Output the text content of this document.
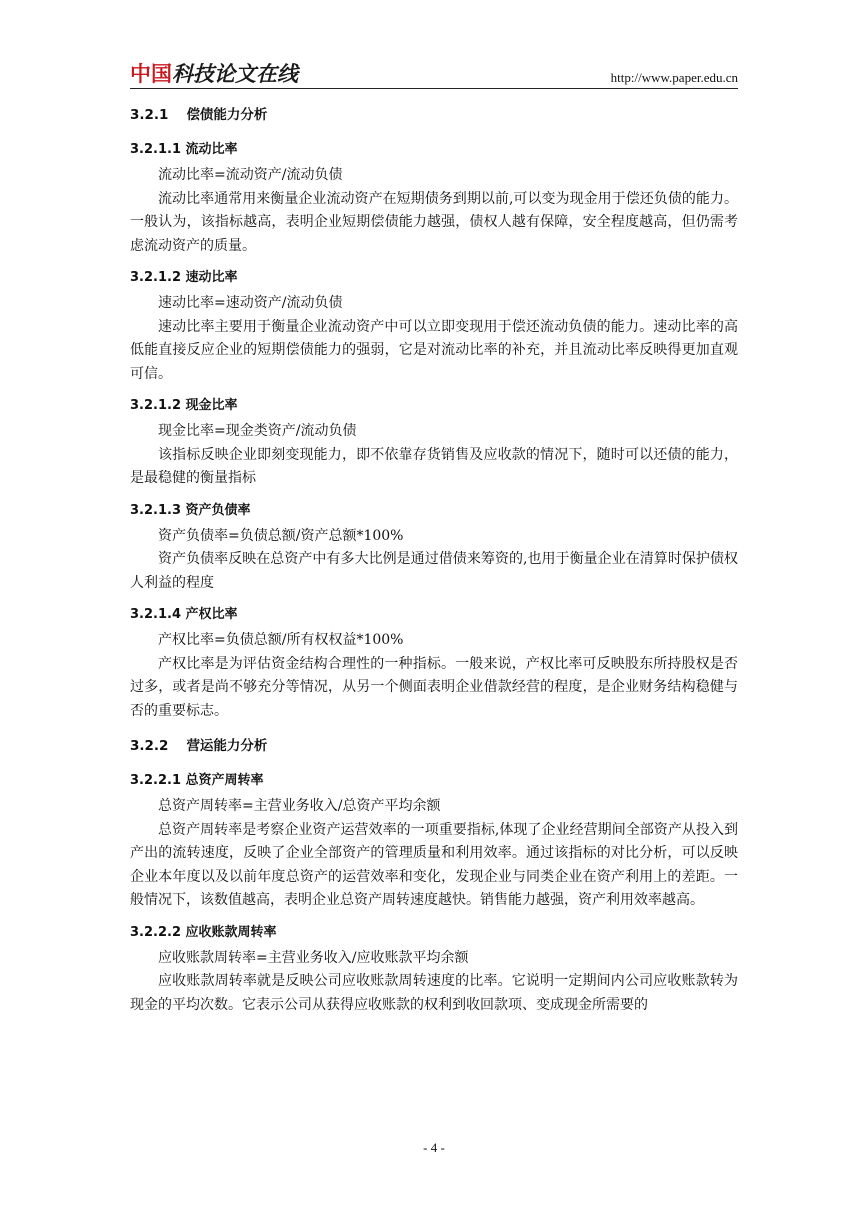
中国科技论文在线	http://www.paper.edu.cn
3.2.1 偿债能力分析
3.2.1.1 流动比率

流动比率=流动资产/流动负债

流动比率通常用来衡量企业流动资产在短期债务到期以前,可以变为现金用于偿还负债的能力。一般认为，该指标越高，表明企业短期偿债能力越强，债权人越有保障，安全程度越高，但仍需考虑流动资产的质量。

3.2.1.2 速动比率

速动比率=速动资产/流动负债

速动比率主要用于衡量企业流动资产中可以立即变现用于偿还流动负债的能力。速动比率的高低能直接反应企业的短期偿债能力的强弱，它是对流动比率的补充，并且流动比率反映得更加直观可信。

3.2.1.2 现金比率

现金比率=现金类资产/流动负债

该指标反映企业即刻变现能力，即不依靠存货销售及应收款的情况下，随时可以还债的能力，是最稳健的衡量指标

3.2.1.3 资产负债率

资产负债率=负债总额/资产总额*100%

资产负债率反映在总资产中有多大比例是通过借债来筹资的,也用于衡量企业在清算时保护债权人利益的程度

3.2.1.4 产权比率

产权比率=负债总额/所有权权益*100%

产权比率是为评估资金结构合理性的一种指标。一般来说，产权比率可反映股东所持股权是否过多，或者是尚不够充分等情况，从另一个侧面表明企业借款经营的程度，是企业财务结构稳健与否的重要标志。

3.2.2 营运能力分析
3.2.2.1 总资产周转率

总资产周转率=主营业务收入/总资产平均余额

总资产周转率是考察企业资产运营效率的一项重要指标,体现了企业经营期间全部资产从投入到产出的流转速度，反映了企业全部资产的管理质量和利用效率。通过该指标的对比分析，可以反映企业本年度以及以前年度总资产的运营效率和变化，发现企业与同类企业在资产利用上的差距。一般情况下，该数值越高，表明企业总资产周转速度越快。销售能力越强，资产利用效率越高。

3.2.2.2 应收账款周转率

应收账款周转率=主营业务收入/应收账款平均余额

应收账款周转率就是反映公司应收账款周转速度的比率。它说明一定期间内公司应收账款转为现金的平均次数。它表示公司从获得应收账款的权利到收回款项、变成现金所需要的

- 4 -
